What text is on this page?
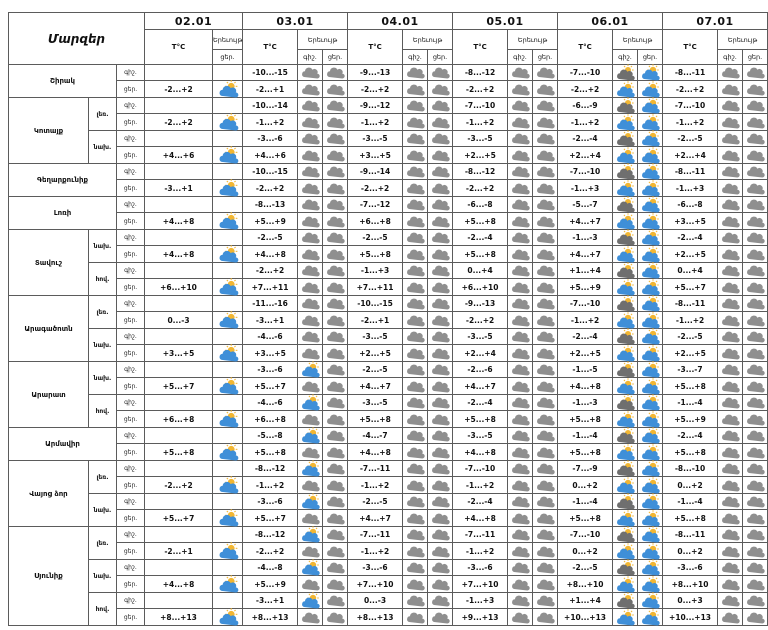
Մարզեր			02.01		03.01			04.01			05.01			06.01			07.01		
			T°C	Երեւույթ	T°C	Երեւույթ		T°C	Երեւույթ		T°C	Երեւույթ		T°C	Երեւույթ		T°C	Երեւույթ	
				ցեր.		գիշ.	ցեր.		գիշ.	ցեր.		գիշ.	ցեր.		գիշ.	ցեր.		գիշ.	ցեր.
Շիրակ		գիշ.			-10...-15			-9...-13			-8...-12			-7...-10			-8...-11		
		ցեր.	-2...+2		-2...+1			-2...+2			-2...+2			-2...+2			-2...+2		
Կոտայք	լեռ.	գիշ.			-10...-14			-9...-12			-7...-10			-6...-9			-7...-10		
		ցեր.	-2...+2		-1...+2			-1...+2			-1...+2			-1...+2			-1...+2		
	նախ.	գիշ.			-3...-6			-3...-5			-3...-5			-2...-4			-2...-5		
		ցեր.	+4...+6		+4...+6			+3...+5			+2...+5			+2...+4			+2...+4		
Գեղարքունիք		գիշ.			-10...-15			-9...-14			-8...-12			-7...-10			-8...-11		
		ցեր.	-3...+1		-2...+2			-2...+2			-2...+2			-1...+3			-1...+3		
Լոռի		գիշ.			-8...-13			-7...-12			-6...-8			-5...-7			-6...-8		
		ցեր.	+4...+8		+5...+9			+6...+8			+5...+8			+4...+7			+3...+5		
Տավուշ	նախ.	գիշ.			-2...-5			-2...-5			-2...-4			-1...-3			-2...-4		
		ցեր.	+4...+8		+4...+8			+5...+8			+5...+8			+4...+7			+2...+5		
	հով.	գիշ.			-2...+2			-1...+3			0...+4			+1...+4			0...+4		
		ցեր.	+6...+10		+7...+11			+7...+11			+6...+10			+5...+9			+5...+7		
Արագածոտն	լեռ.	գիշ.			-11...-16			-10...-15			-9...-13			-7...-10			-8...-11		
		ցեր.	0...-3		-3...+1			-2...+1			-2...+2			-1...+2			-1...+2		
	նախ.	գիշ.			-4...-6			-3...-5			-3...-5			-2...-4			-2...-5		
		ցեր.	+3...+5		+3...+5			+2...+5			+2...+4			+2...+5			+2...+5		
Արարատ	նախ.	գիշ.			-3...-6			-2...-5			-2...-6			-1...-5			-3...-7		
		ցեր.	+5...+7		+5...+7			+4...+7			+4...+7			+4...+8			+5...+8		
	հով.	գիշ.			-4...-6			-3...-5			-2...-4			-1...-3			-1...-4		
		ցեր.	+6...+8		+6...+8			+5...+8			+5...+8			+5...+8			+5...+9		
Արմավիր		գիշ.			-5...-8			-4...-7			-3...-5			-1...-4			-2...-4		
		ցեր.	+5...+8		+5...+8			+4...+8			+4...+8			+5...+8			+5...+8		
Վայոց ձոր	լեռ.	գիշ.			-8...-12			-7...-11			-7...-10			-7...-9			-8...-10		
		ցեր.	-2...+2		-1...+2			-1...+2			-1...+2			0...+2			0...+2		
	նախ.	գիշ.			-3...-6			-2...-5			-2...-4			-1...-4			-1...-4		
		ցեր.	+5...+7		+5...+7			+4...+7			+4...+8			+5...+8			+5...+8		
Սյունիք	լեռ.	գիշ.			-8...-12			-7...-11			-7...-11			-7...-10			-8...-11		
		ցեր.	-2...+1		-2...+2			-1...+2			-1...+2			0...+2			0...+2		
	նախ.	գիշ.			-4...-8			-3...-6			-3...-6			-2...-5			-3...-6		
		ցեր.	+4...+8		+5...+9			+7...+10			+7...+10			+8...+10			+8...+10		
	հով.	գիշ.			-3...+1			0...-3			-1...+3			+1...+4			0...+3		
		ցեր.	+8...+13		+8...+13			+8...+13			+9...+13			+10...+13			+10...+13		
